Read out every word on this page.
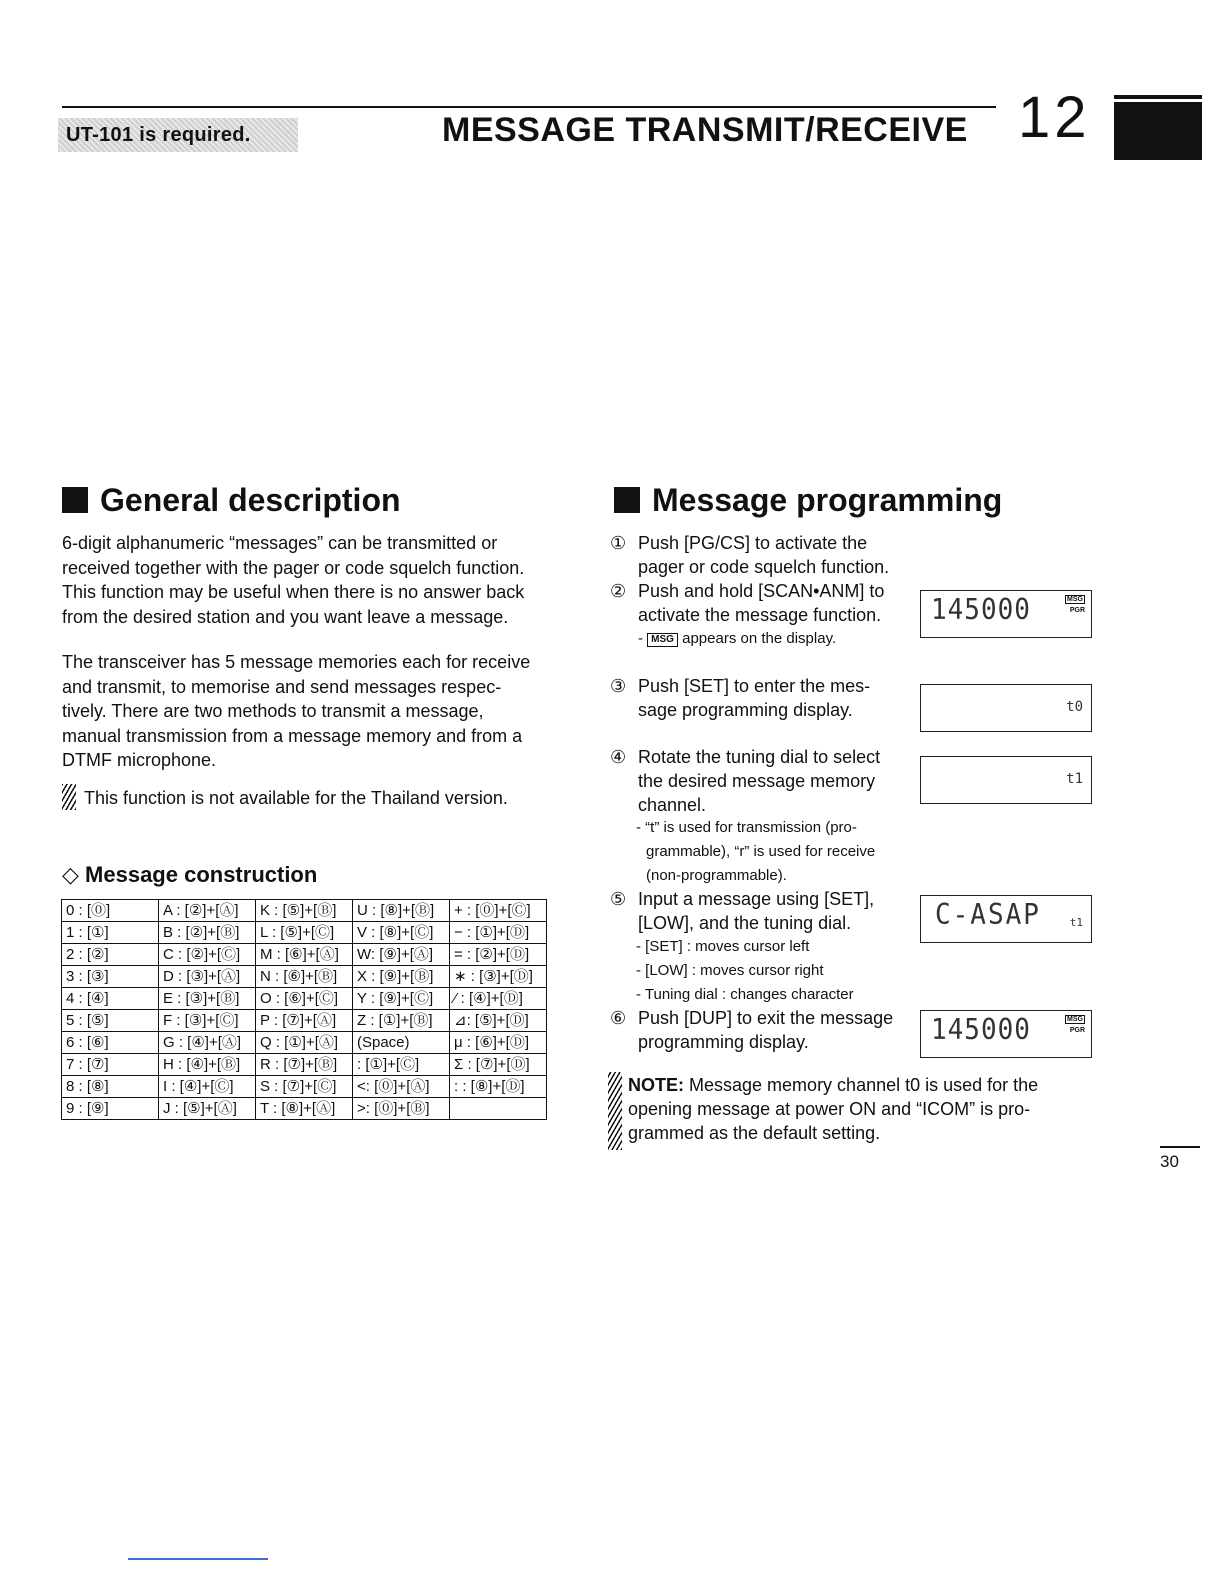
UT-101 is required.	MESSAGE TRANSMIT/RECEIVE 12
General description
6-digit alphanumeric “messages” can be transmitted or
received together with the pager or code squelch function.
This function may be useful when there is no answer back
from the desired station and you want leave a message.
The transceiver has 5 message memories each for receive
and transmit, to memorise and send messages respec-
tively. There are two methods to transmit a message,
manual transmission from a message memory and from a
DTMF microphone.
This function is not available for the Thailand version.
◇ Message construction
0 : [⓪]	A : [②]+[Ⓐ]	K : [⑤]+[Ⓑ]	U : [⑧]+[Ⓑ]	+ : [⓪]+[Ⓒ]
1 : [①]	B : [②]+[Ⓑ]	L : [⑤]+[Ⓒ]	V : [⑧]+[Ⓒ]	− : [①]+[Ⓓ]
2 : [②]	C : [②]+[Ⓒ]	M : [⑥]+[Ⓐ]	W: [⑨]+[Ⓐ]	= : [②]+[Ⓓ]
3 : [③]	D : [③]+[Ⓐ]	N : [⑥]+[Ⓑ]	X : [⑨]+[Ⓑ]	∗ : [③]+[Ⓓ]
4 : [④]	E : [③]+[Ⓑ]	O : [⑥]+[Ⓒ]	Y : [⑨]+[Ⓒ]	⁄ : [④]+[Ⓓ]
5 : [⑤]	F : [③]+[Ⓒ]	P : [⑦]+[Ⓐ]	Z : [①]+[Ⓑ]	⊿: [⑤]+[Ⓓ]
6 : [⑥]	G : [④]+[Ⓐ]	Q : [①]+[Ⓐ]	(Space)	μ : [⑥]+[Ⓓ]
7 : [⑦]	H : [④]+[Ⓑ]	R : [⑦]+[Ⓑ]	: [①]+[Ⓒ]	Σ : [⑦]+[Ⓓ]
8 : [⑧]	I : [④]+[Ⓒ]	S : [⑦]+[Ⓒ]	<: [⓪]+[Ⓐ]	: : [⑧]+[Ⓓ]
9 : [⑨]	J : [⑤]+[Ⓐ]	T : [⑧]+[Ⓐ]	>: [⓪]+[Ⓑ]	
Message programming
① Push [PG/CS] to activate the
pager or code squelch function.
② Push and hold [SCAN•ANM] to
activate the message function.
- MSG appears on the display.
145000	MSG
PGR
③ Push [SET] to enter the mes-
sage programming display.	t0
④ Rotate the tuning dial to select
the desired message memory
channel.
t1
- “t” is used for transmission (pro-
grammable), “r” is used for receive
(non-programmable).
⑤ Input a message using [SET],
[LOW], and the tuning dial.	C-ASAP	t1
- [SET] : moves cursor left
- [LOW] : moves cursor right
- Tuning dial : changes character
⑥ Push [DUP] to exit the message
programming display.	145000	MSG
PGR
NOTE: Message memory channel t0 is used for the
opening message at power ON and “ICOM” is pro-
grammed as the default setting.
30
